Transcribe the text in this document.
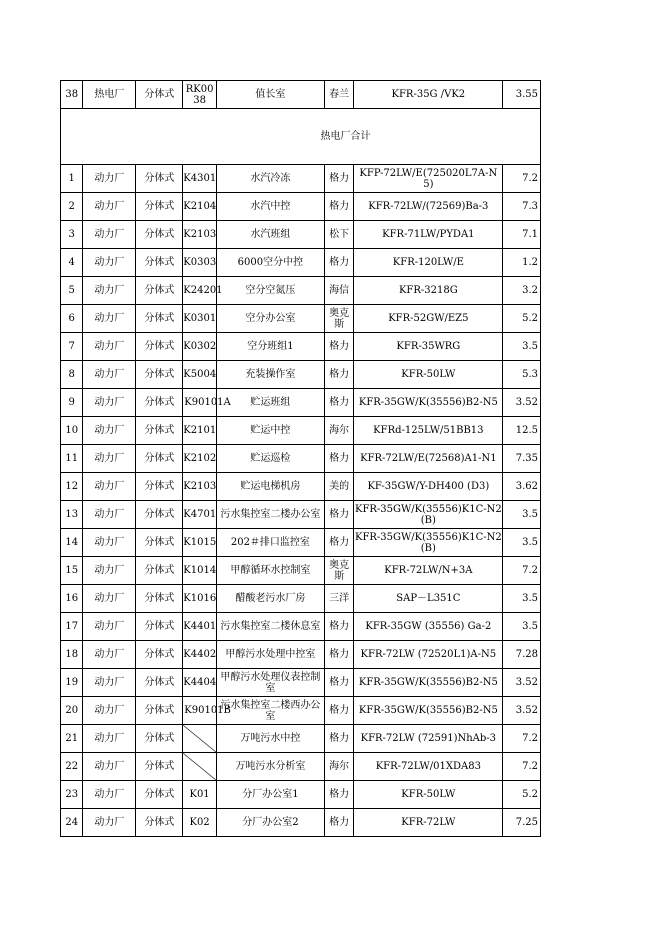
38	热电厂	分体式	RK0038	值长室	春兰	KFR-35G /VK2	3.55
热电厂合计							
1	动力厂	分体式	K4301	水汽冷冻	格力	KFP-72LW/E(725020L7A-N5)	7.2
2	动力厂	分体式	K2104	水汽中控	格力	KFR-72LW/(72569)Ba-3	7.3
3	动力厂	分体式	K2103	水汽班组	松下	KFR-71LW/PYDA1	7.1
4	动力厂	分体式	K0303	6000空分中控	格力	KFR-120LW/E	1.2
5	动力厂	分体式	K24201	空分空氮压	海信	KFR-3218G	3.2
6	动力厂	分体式	K0301	空分办公室	奥克斯	KFR-52GW/EZ5	5.2
7	动力厂	分体式	K0302	空分班组1	格力	KFR-35WRG	3.5
8	动力厂	分体式	K5004	充装操作室	格力	KFR-50LW	5.3
9	动力厂	分体式	K90101A	贮运班组	格力	KFR-35GW/K(35556)B2-N5	3.52
10	动力厂	分体式	K2101	贮运中控	海尔	KFRd-125LW/51BB13	12.5
11	动力厂	分体式	K2102	贮运巡检	格力	KFR-72LW/E(72568)A1-N1	7.35
12	动力厂	分体式	K2103	贮运电梯机房	美的	KF-35GW/Y-DH400 (D3)	3.62
13	动力厂	分体式	K4701	污水集控室二楼办公室	格力	KFR-35GW/K(35556)K1C-N2(B)	3.5
14	动力厂	分体式	K1015	202＃排口监控室	格力	KFR-35GW/K(35556)K1C-N2(B)	3.5
15	动力厂	分体式	K1014	甲醇循环水控制室	奥克斯	KFR-72LW/N+3A	7.2
16	动力厂	分体式	K1016	醋酸老污水厂房	三洋	SAP－L351C	3.5
17	动力厂	分体式	K4401	污水集控室二楼休息室	格力	KFR-35GW (35556) Ga-2	3.5
18	动力厂	分体式	K4402	甲醇污水处理中控室	格力	KFR-72LW (72520L1)A-N5	7.28
19	动力厂	分体式	K4404	甲醇污水处理仪表控制室	格力	KFR-35GW/K(35556)B2-N5	3.52
20	动力厂	分体式	K90101B	污水集控室二楼西办公室	格力	KFR-35GW/K(35556)B2-N5	3.52
21	动力厂	分体式		万吨污水中控	格力	KFR-72LW (72591)NhAb-3	7.2
22	动力厂	分体式		万吨污水分析室	海尔	KFR-72LW/01XDA83	7.2
23	动力厂	分体式	K01	分厂办公室1	格力	KFR-50LW	5.2
24	动力厂	分体式	K02	分厂办公室2	格力	KFR-72LW	7.25
